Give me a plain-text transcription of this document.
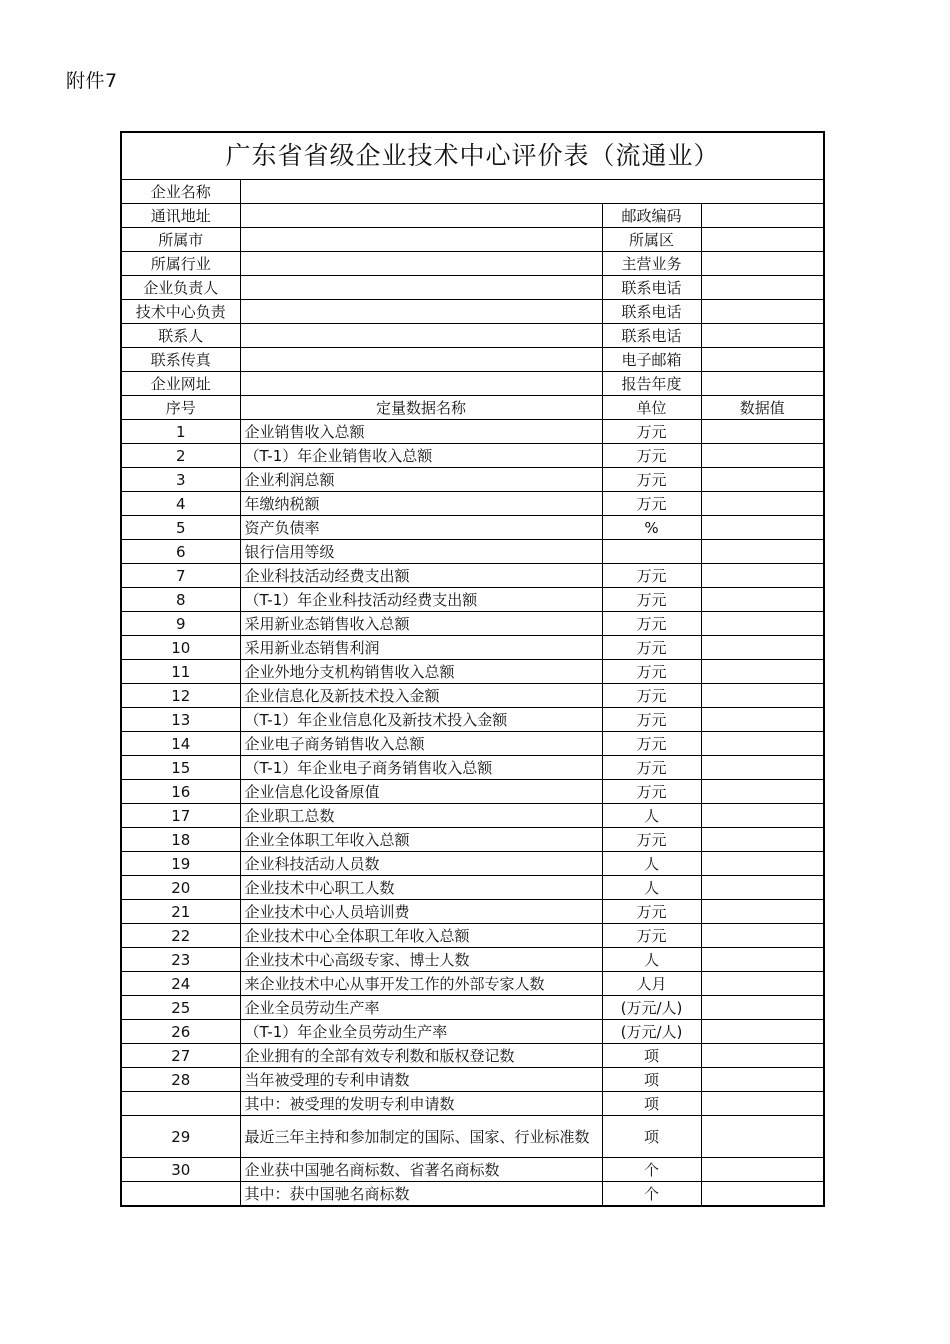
附件7
广东省省级企业技术中心评价表（流通业）			
企业名称			
通讯地址		邮政编码	
所属市		所属区	
所属行业		主营业务	
企业负责人		联系电话	
技术中心负责		联系电话	
联系人		联系电话	
联系传真		电子邮箱	
企业网址		报告年度	
序号	定量数据名称	单位	数据值
1	企业销售收入总额	万元	
2	（T-1）年企业销售收入总额	万元	
3	企业利润总额	万元	
4	年缴纳税额	万元	
5	资产负债率	%	
6	银行信用等级		
7	企业科技活动经费支出额	万元	
8	（T-1）年企业科技活动经费支出额	万元	
9	采用新业态销售收入总额	万元	
10	采用新业态销售利润	万元	
11	企业外地分支机构销售收入总额	万元	
12	企业信息化及新技术投入金额	万元	
13	（T-1）年企业信息化及新技术投入金额	万元	
14	企业电子商务销售收入总额	万元	
15	（T-1）年企业电子商务销售收入总额	万元	
16	企业信息化设备原值	万元	
17	企业职工总数	人	
18	企业全体职工年收入总额	万元	
19	企业科技活动人员数	人	
20	企业技术中心职工人数	人	
21	企业技术中心人员培训费	万元	
22	企业技术中心全体职工年收入总额	万元	
23	企业技术中心高级专家、博士人数	人	
24	来企业技术中心从事开发工作的外部专家人数	人月	
25	企业全员劳动生产率	(万元/人)	
26	（T-1）年企业全员劳动生产率	(万元/人)	
27	企业拥有的全部有效专利数和版权登记数	项	
28	当年被受理的专利申请数	项	
	其中：被受理的发明专利申请数	项	
29	最近三年主持和参加制定的国际、国家、行业标准数	项	
30	企业获中国驰名商标数、省著名商标数	个	
	其中：获中国驰名商标数	个	
